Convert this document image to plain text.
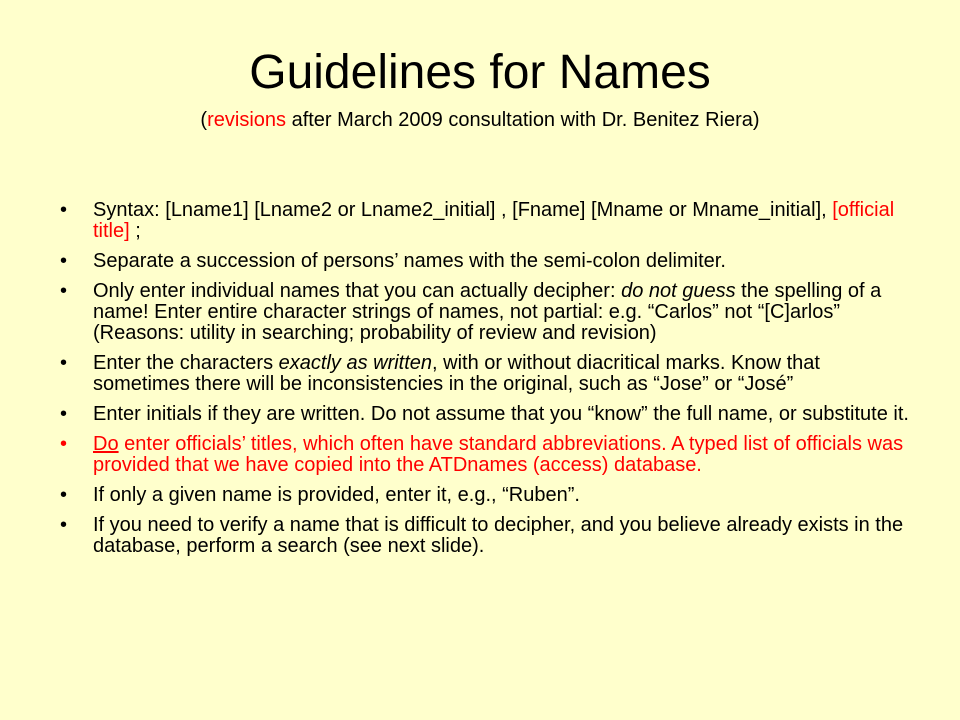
Guidelines for Names
(revisions after March 2009 consultation with Dr. Benitez Riera)
• Syntax: [Lname1] [Lname2 or Lname2_initial] , [Fname] [Mname or Mname_initial], [official title] ;
• Separate a succession of persons’ names with the semi-colon delimiter.
• Only enter individual names that you can actually decipher: do not guess the spelling of a name! Enter entire character strings of names, not partial: e.g. “Carlos” not “[C]arlos” (Reasons: utility in searching; probability of review and revision)
• Enter the characters exactly as written, with or without diacritical marks. Know that sometimes there will be inconsistencies in the original, such as “Jose” or “José”
• Enter initials if they are written. Do not assume that you “know” the full name, or substitute it.
• Do enter officials’ titles, which often have standard abbreviations. A typed list of officials was provided that we have copied into the ATDnames (access) database.
• If only a given name is provided, enter it, e.g., “Ruben”.
• If you need to verify a name that is difficult to decipher, and you believe already exists in the database, perform a search (see next slide).
